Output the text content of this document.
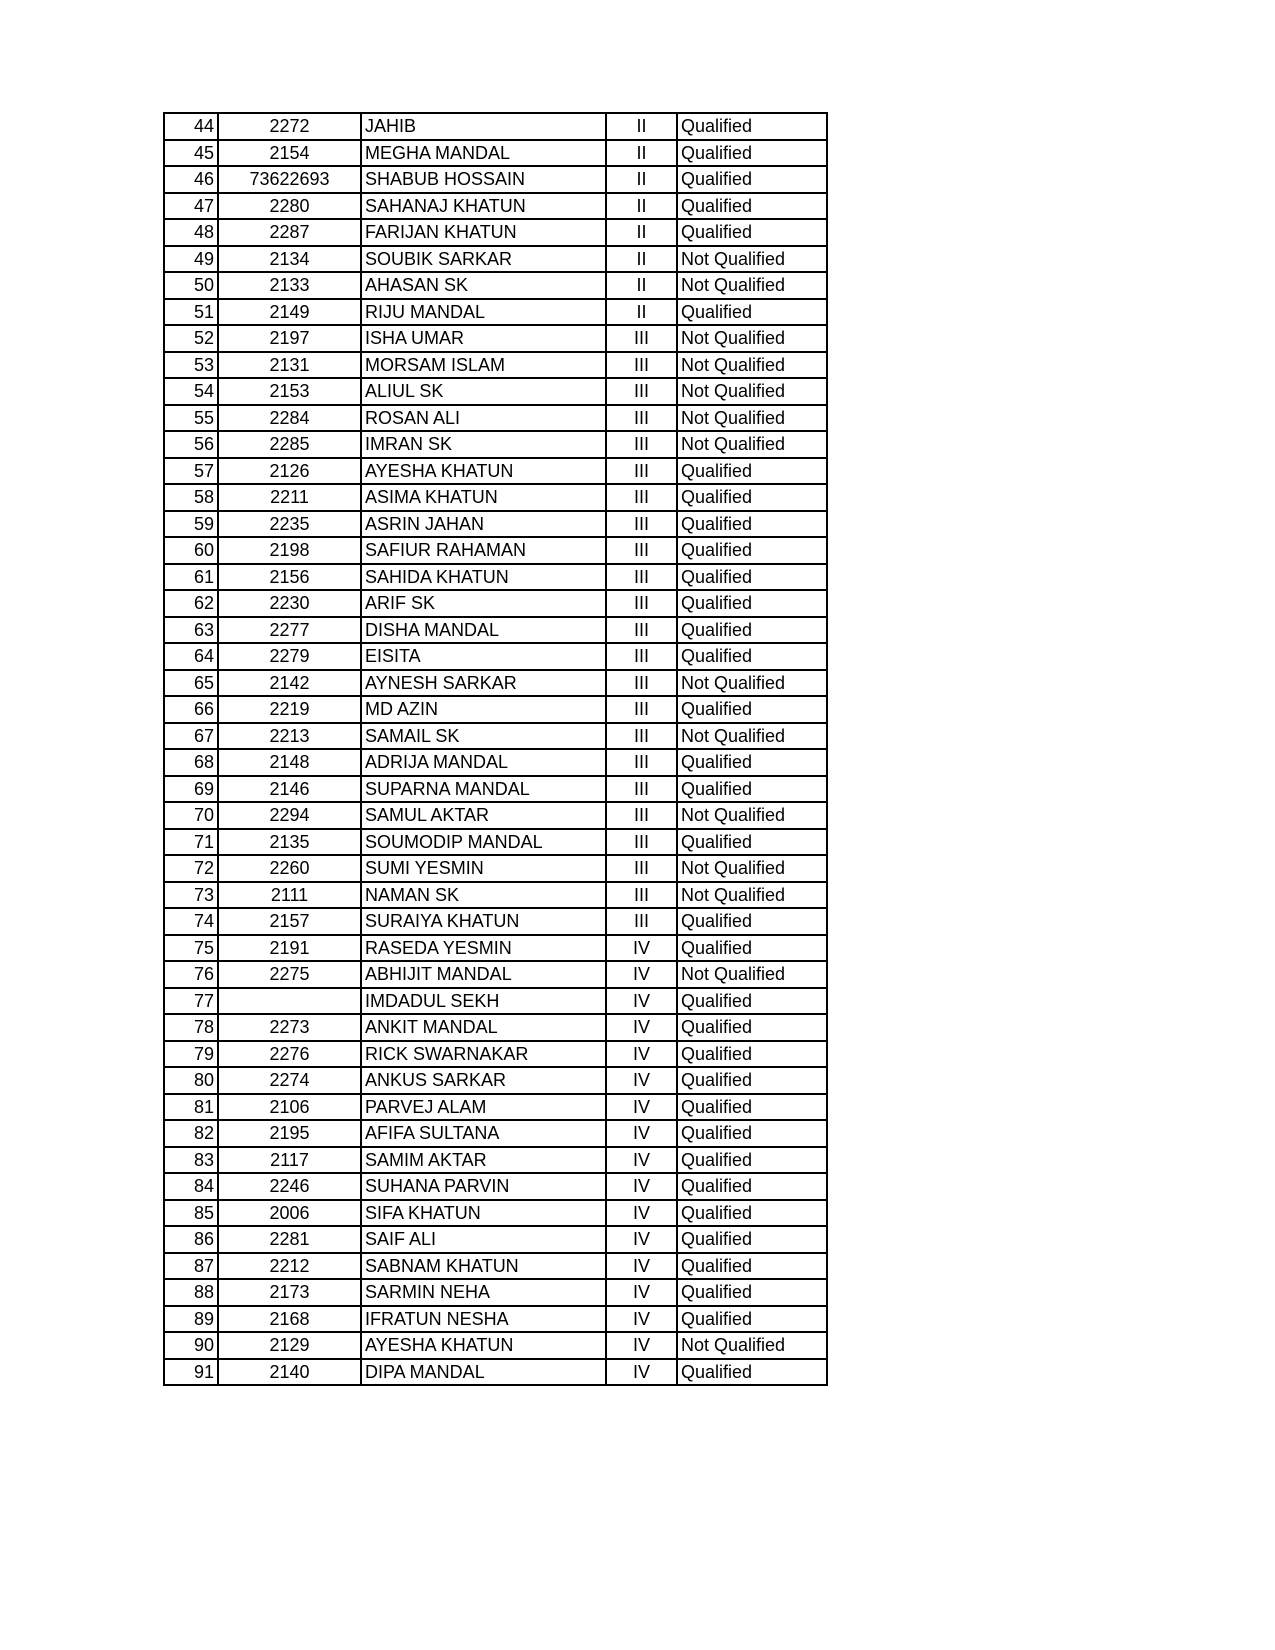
44	2272	JAHIB	II	Qualified
45	2154	MEGHA MANDAL	II	Qualified
46	73622693	SHABUB HOSSAIN	II	Qualified
47	2280	SAHANAJ KHATUN	II	Qualified
48	2287	FARIJAN KHATUN	II	Qualified
49	2134	SOUBIK SARKAR	II	Not Qualified
50	2133	AHASAN SK	II	Not Qualified
51	2149	RIJU MANDAL	II	Qualified
52	2197	ISHA UMAR	III	Not Qualified
53	2131	MORSAM ISLAM	III	Not Qualified
54	2153	ALIUL SK	III	Not Qualified
55	2284	ROSAN ALI	III	Not Qualified
56	2285	IMRAN SK	III	Not Qualified
57	2126	AYESHA KHATUN	III	Qualified
58	2211	ASIMA KHATUN	III	Qualified
59	2235	ASRIN JAHAN	III	Qualified
60	2198	SAFIUR RAHAMAN	III	Qualified
61	2156	SAHIDA KHATUN	III	Qualified
62	2230	ARIF SK	III	Qualified
63	2277	DISHA MANDAL	III	Qualified
64	2279	EISITA	III	Qualified
65	2142	AYNESH SARKAR	III	Not Qualified
66	2219	MD AZIN	III	Qualified
67	2213	SAMAIL SK	III	Not Qualified
68	2148	ADRIJA MANDAL	III	Qualified
69	2146	SUPARNA MANDAL	III	Qualified
70	2294	SAMUL AKTAR	III	Not Qualified
71	2135	SOUMODIP MANDAL	III	Qualified
72	2260	SUMI YESMIN	III	Not Qualified
73	2111	NAMAN SK	III	Not Qualified
74	2157	SURAIYA KHATUN	III	Qualified
75	2191	RASEDA YESMIN	IV	Qualified
76	2275	ABHIJIT MANDAL	IV	Not Qualified
77		IMDADUL SEKH	IV	Qualified
78	2273	ANKIT MANDAL	IV	Qualified
79	2276	RICK SWARNAKAR	IV	Qualified
80	2274	ANKUS SARKAR	IV	Qualified
81	2106	PARVEJ ALAM	IV	Qualified
82	2195	AFIFA SULTANA	IV	Qualified
83	2117	SAMIM AKTAR	IV	Qualified
84	2246	SUHANA PARVIN	IV	Qualified
85	2006	SIFA KHATUN	IV	Qualified
86	2281	SAIF ALI	IV	Qualified
87	2212	SABNAM KHATUN	IV	Qualified
88	2173	SARMIN NEHA	IV	Qualified
89	2168	IFRATUN NESHA	IV	Qualified
90	2129	AYESHA KHATUN	IV	Not Qualified
91	2140	DIPA MANDAL	IV	Qualified
